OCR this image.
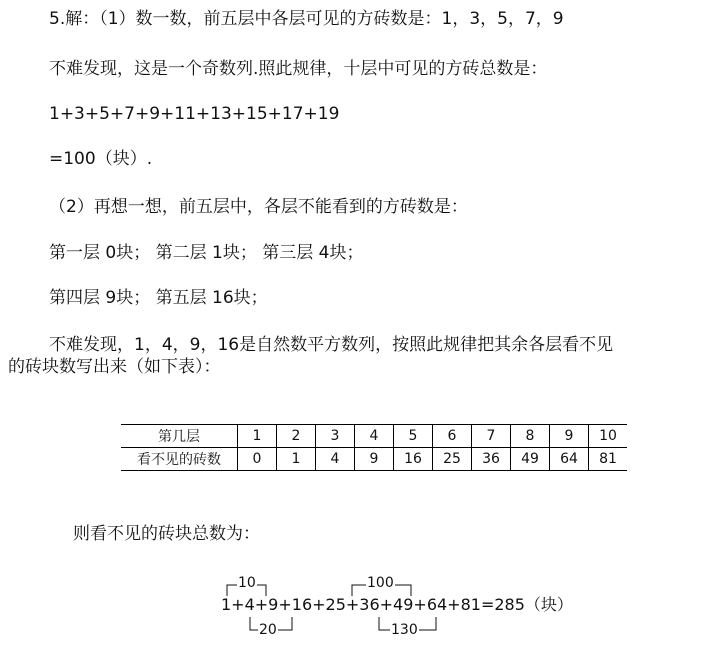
5.解：（1）数一数，前五层中各层可见的方砖数是：1，3，5，7，9
不难发现，这是一个奇数列.照此规律，十层中可见的方砖总数是：
1+3+5+7+9+11+13+15+17+19
=100（块）.
（2）再想一想，前五层中，各层不能看到的方砖数是：
第一层 0块； 第二层 1块； 第三层 4块；
第四层 9块； 第五层 16块；
不难发现，1，4，9，16是自然数平方数列，按照此规律把其余各层看不见
的砖块数写出来（如下表）：
第几层	1	2	3	4	5	6	7	8	9	10
看不见的砖数	0	1	4	9	16	25	36	49	64	81
则看不见的砖块总数为：
10	100
1+4+9+16+25+36+49+64+81=285（块）
20	130
